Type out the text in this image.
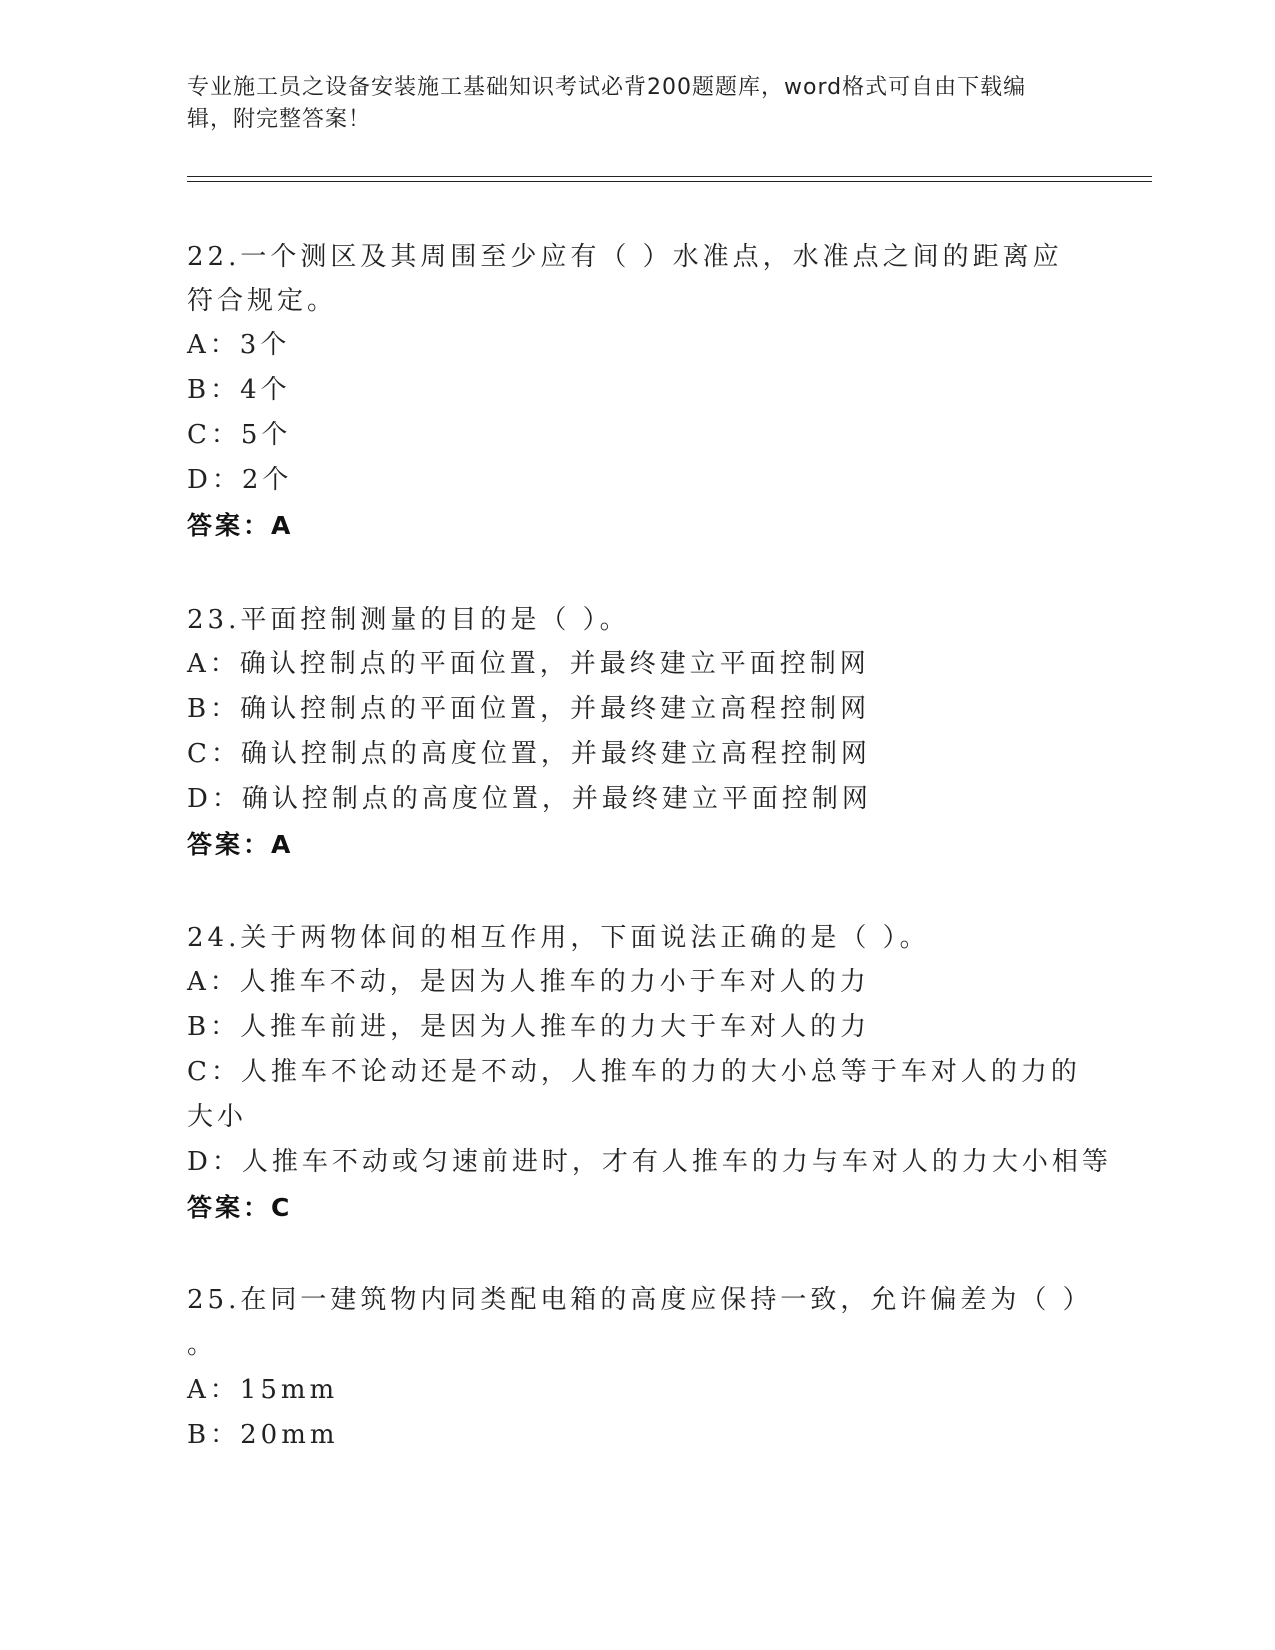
专业施工员之设备安装施工基础知识考试必背200题题库，word格式可自由下载编辑，附完整答案！
22.一个测区及其周围至少应有（ ）水准点，水准点之间的距离应符合规定。
A：3个
B：4个
C：5个
D：2个
答案：A
23.平面控制测量的目的是（ ）。
A：确认控制点的平面位置，并最终建立平面控制网
B：确认控制点的平面位置，并最终建立高程控制网
C：确认控制点的高度位置，并最终建立高程控制网
D：确认控制点的高度位置，并最终建立平面控制网
答案：A
24.关于两物体间的相互作用，下面说法正确的是（ ）。
A：人推车不动，是因为人推车的力小于车对人的力
B：人推车前进，是因为人推车的力大于车对人的力
C：人推车不论动还是不动，人推车的力的大小总等于车对人的力的大小
D：人推车不动或匀速前进时，才有人推车的力与车对人的力大小相等
答案：C
25.在同一建筑物内同类配电箱的高度应保持一致，允许偏差为（ ）
。
A：15mm
B：20mm
